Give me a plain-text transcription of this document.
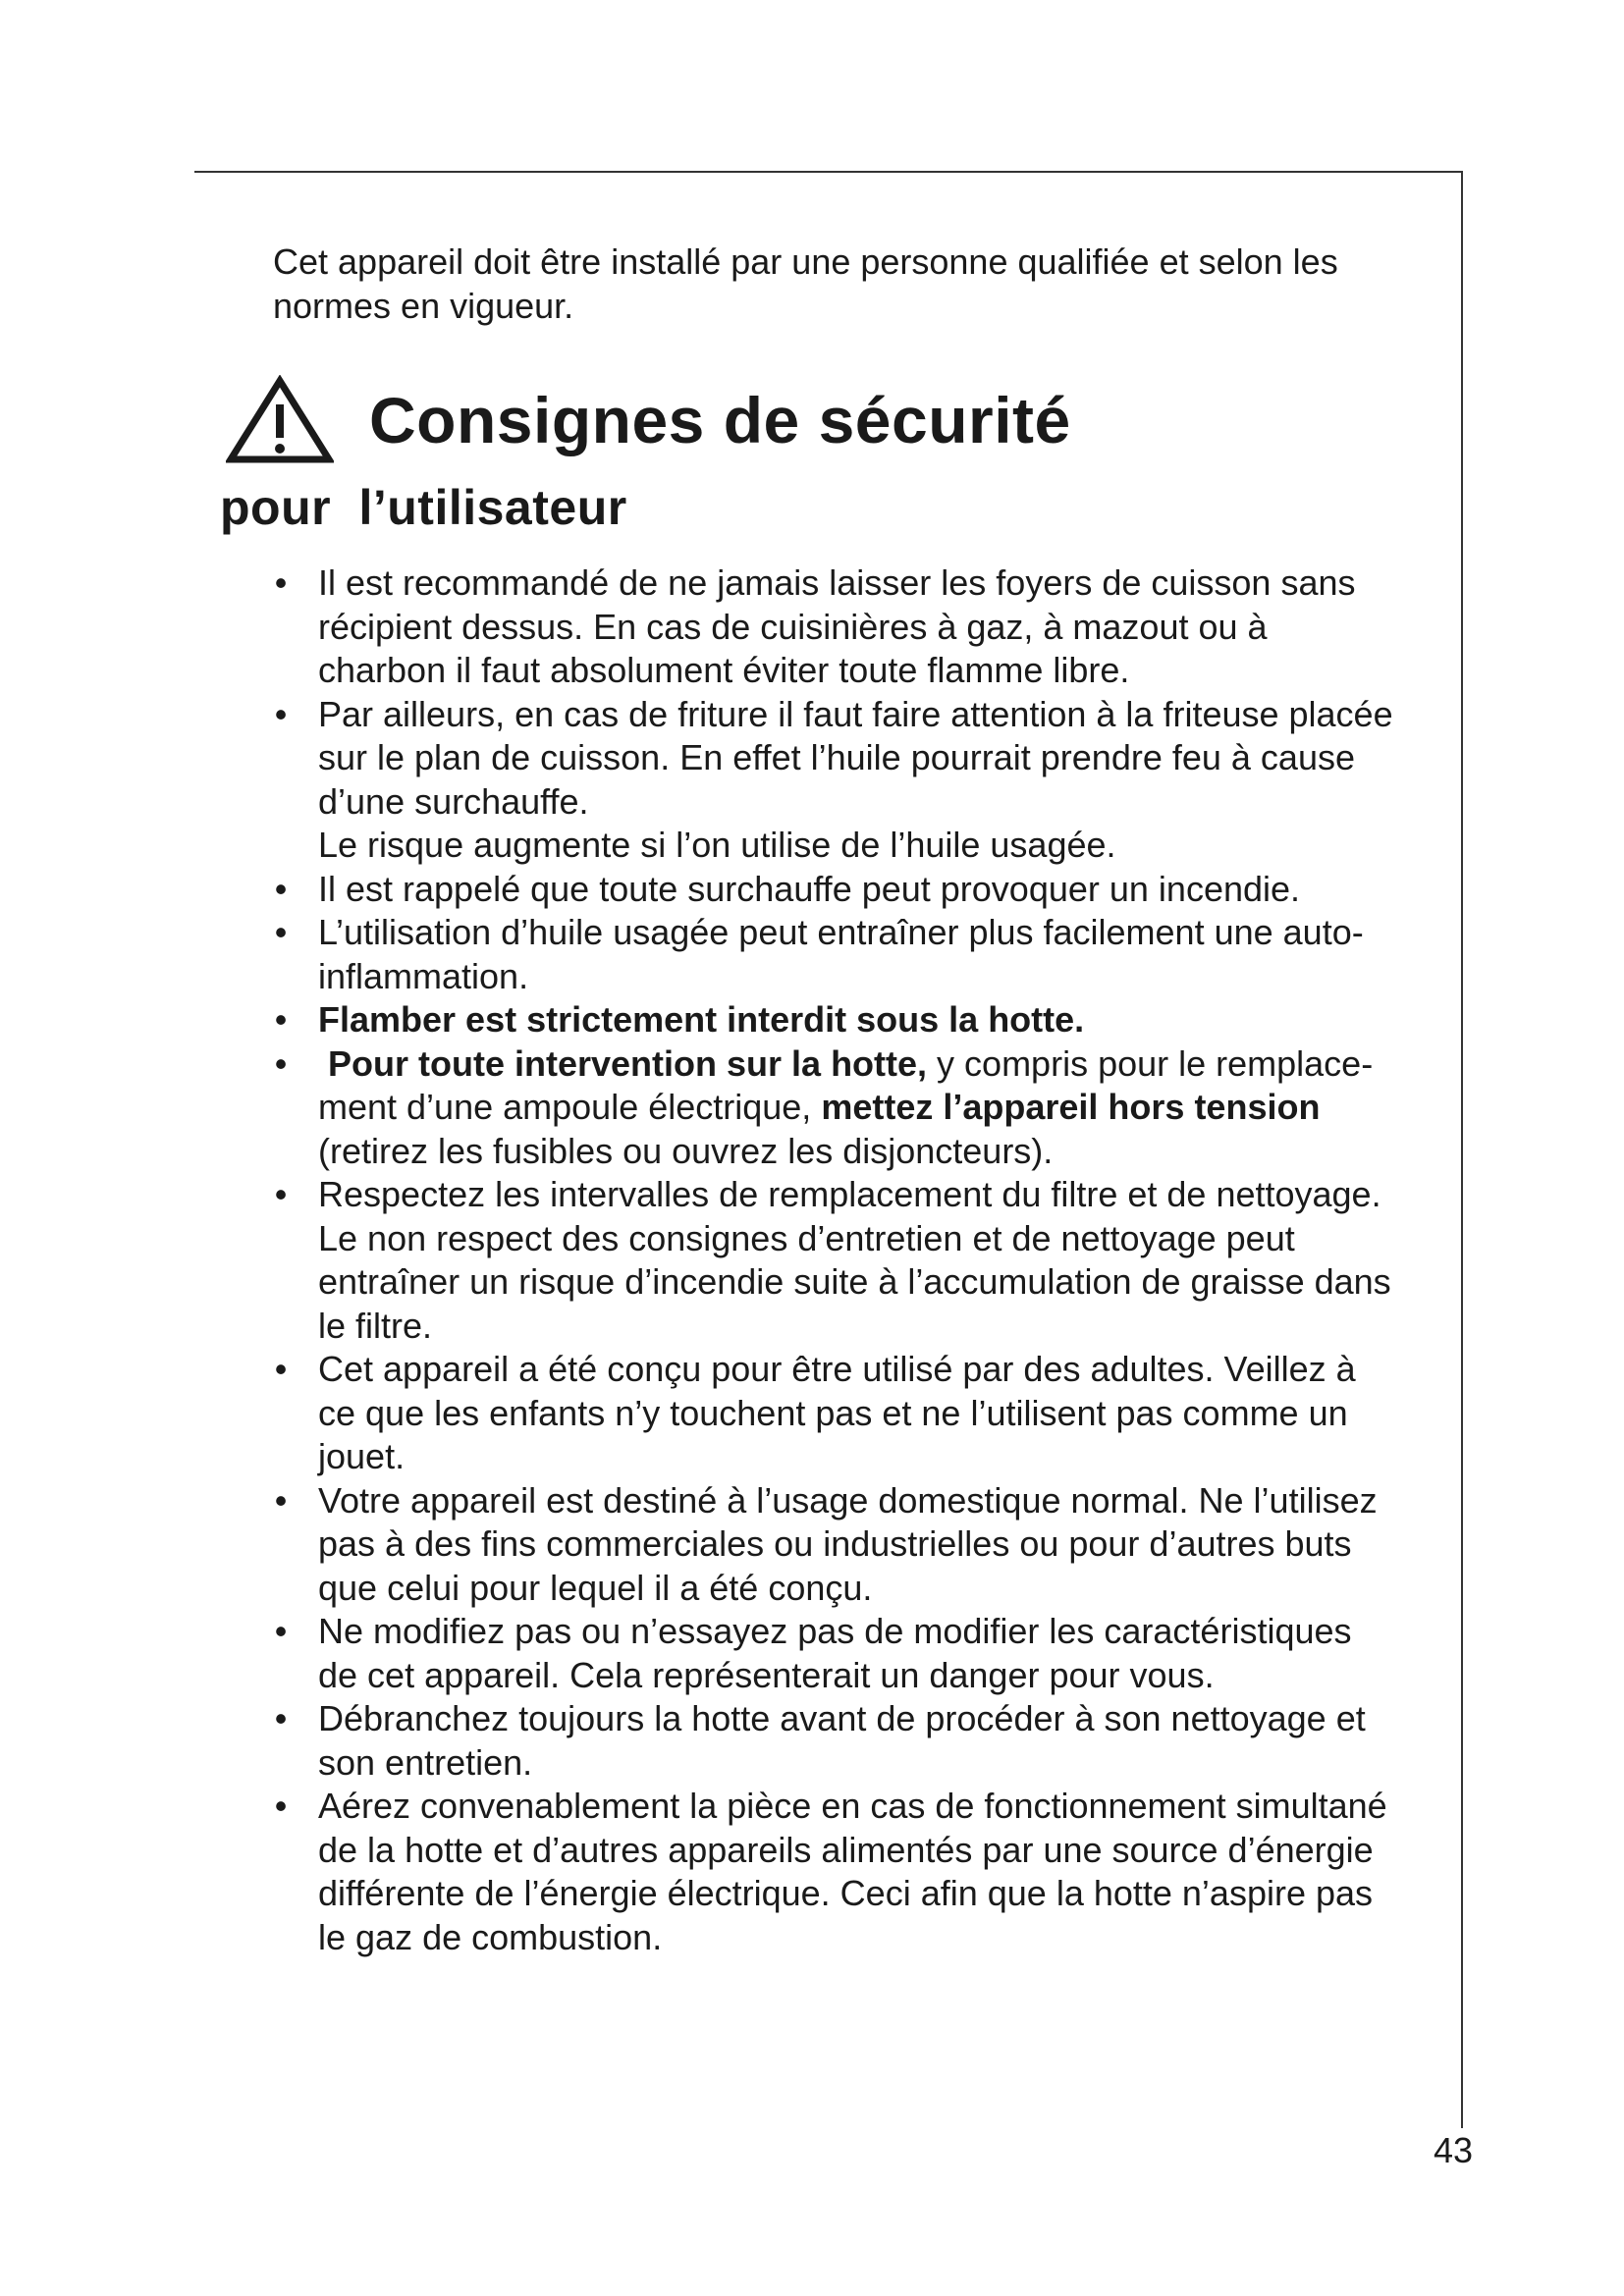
Cet appareil doit être installé par une personne qualifiée et selon les
normes en vigueur.
Consignes de sécurité
pour l’utilisateur
• Il est recommandé de ne jamais laisser les foyers de cuisson sans
récipient dessus. En cas de cuisinières à gaz, à mazout ou à
charbon il faut absolument éviter toute flamme libre.
• Par ailleurs, en cas de friture il faut faire attention à la friteuse placée
sur le plan de cuisson. En effet l’huile pourrait prendre feu à cause
d’une surchauffe.
Le risque augmente si l’on utilise de l’huile usagée.
• Il est rappelé que toute surchauffe peut provoquer un incendie.
• L’utilisation d’huile usagée peut entraîner plus facilement une auto-
inflammation.
• Flamber est strictement interdit sous la hotte.
• Pour toute intervention sur la hotte, y compris pour le remplace-
ment d’une ampoule électrique, mettez l’appareil hors tension
(retirez les fusibles ou ouvrez les disjoncteurs).
• Respectez les intervalles de remplacement du filtre et de nettoyage.
Le non respect des consignes d’entretien et de nettoyage peut
entraîner un risque d’incendie suite à l’accumulation de graisse dans
le filtre.
• Cet appareil a été conçu pour être utilisé par des adultes. Veillez à
ce que les enfants n’y touchent pas et ne l’utilisent pas comme un
jouet.
• Votre appareil est destiné à l’usage domestique normal. Ne l’utilisez
pas à des fins commerciales ou industrielles ou pour d’autres buts
que celui pour lequel il a été conçu.
• Ne modifiez pas ou n’essayez pas de modifier les caractéristiques
de cet appareil. Cela représenterait un danger pour vous.
• Débranchez toujours la hotte avant de procéder à son nettoyage et
son entretien.
• Aérez convenablement la pièce en cas de fonctionnement simultané
de la hotte et d’autres appareils alimentés par une source d’énergie
différente de l’énergie électrique. Ceci afin que la hotte n’aspire pas
le gaz de combustion.
43
